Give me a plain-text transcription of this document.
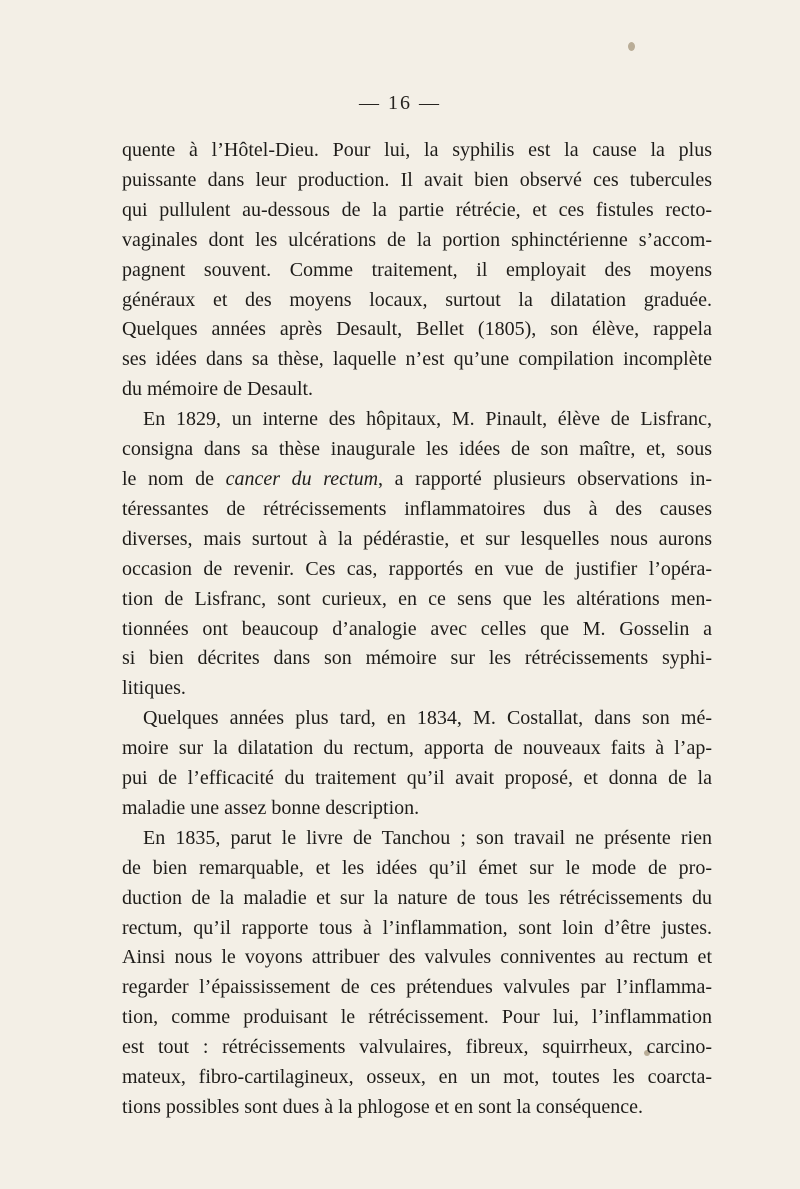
— 16 —

quente à l’Hôtel-Dieu. Pour lui, la syphilis est la cause la plus
puissante dans leur production. Il avait bien observé ces tubercules
qui pullulent au-dessous de la partie rétrécie, et ces fistules recto-
vaginales dont les ulcérations de la portion sphinctérienne s’accom-
pagnent souvent. Comme traitement, il employait des moyens
généraux et des moyens locaux, surtout la dilatation graduée.
Quelques années après Desault, Bellet (1805), son élève, rappela
ses idées dans sa thèse, laquelle n’est qu’une compilation incomplète
du mémoire de Desault.

En 1829, un interne des hôpitaux, M. Pinault, élève de Lisfranc,
consigna dans sa thèse inaugurale les idées de son maître, et, sous
le nom de cancer du rectum, a rapporté plusieurs observations in-
téressantes de rétrécissements inflammatoires dus à des causes
diverses, mais surtout à la pédérastie, et sur lesquelles nous aurons
occasion de revenir. Ces cas, rapportés en vue de justifier l’opéra-
tion de Lisfranc, sont curieux, en ce sens que les altérations men-
tionnées ont beaucoup d’analogie avec celles que M. Gosselin a
si bien décrites dans son mémoire sur les rétrécissements syphi-
litiques.

Quelques années plus tard, en 1834, M. Costallat, dans son mé-
moire sur la dilatation du rectum, apporta de nouveaux faits à l’ap-
pui de l’efficacité du traitement qu’il avait proposé, et donna de la
maladie une assez bonne description.

En 1835, parut le livre de Tanchou ; son travail ne présente rien
de bien remarquable, et les idées qu’il émet sur le mode de pro-
duction de la maladie et sur la nature de tous les rétrécissements du
rectum, qu’il rapporte tous à l’inflammation, sont loin d’être justes.
Ainsi nous le voyons attribuer des valvules conniventes au rectum et
regarder l’épaississement de ces prétendues valvules par l’inflamma-
tion, comme produisant le rétrécissement. Pour lui, l’inflammation
est tout : rétrécissements valvulaires, fibreux, squirrheux, carcino-
mateux, fibro-cartilagineux, osseux, en un mot, toutes les coarcta-
tions possibles sont dues à la phlogose et en sont la conséquence.
